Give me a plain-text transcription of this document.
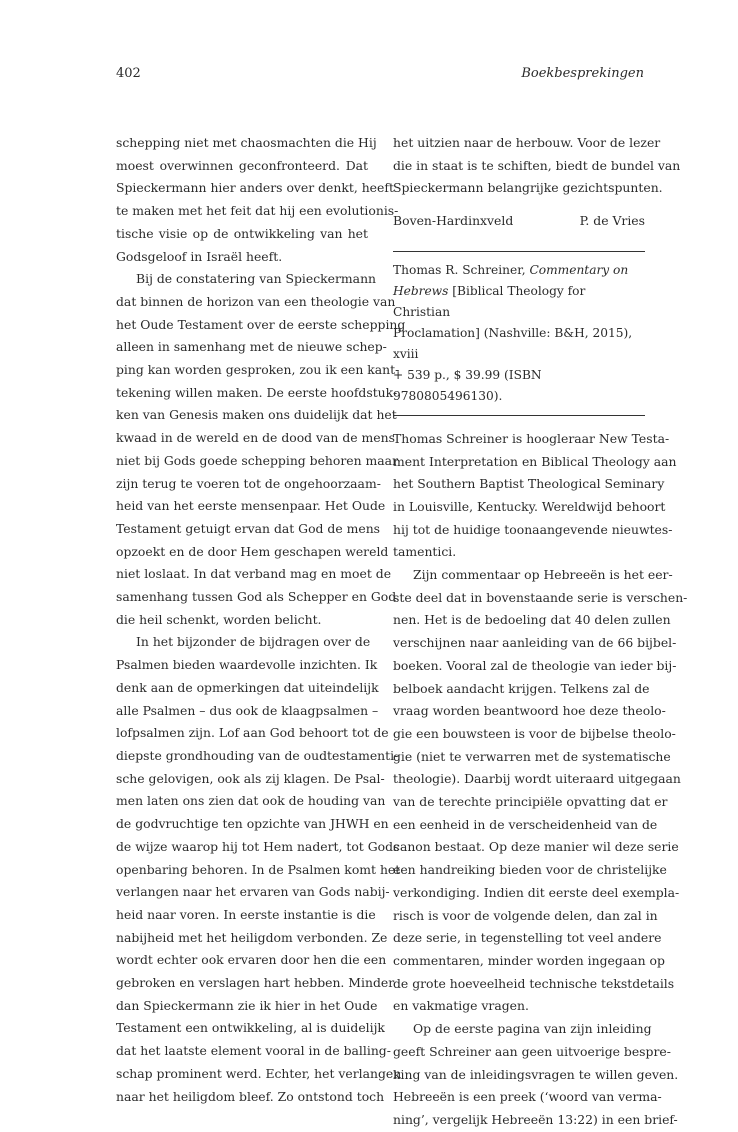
402	Boekbesprekingen
schepping niet met chaosmachten die Hij
moest overwinnen geconfronteerd. Dat
Spieckermann hier anders over denkt, heeft
te maken met het feit dat hij een evolutionis-
tische visie op de ontwikkeling van het
Godsgeloof in Israël heeft.
Bij de constatering van Spieckermann
dat binnen de horizon van een theologie van
het Oude Testament over de eerste schepping
alleen in samenhang met de nieuwe schep-
ping kan worden gesproken, zou ik een kant-
tekening willen maken. De eerste hoofdstuk-
ken van Genesis maken ons duidelijk dat het
kwaad in de wereld en de dood van de mens
niet bij Gods goede schepping behoren maar
zijn terug te voeren tot de ongehoorzaam-
heid van het eerste mensenpaar. Het Oude
Testament getuigt ervan dat God de mens
opzoekt en de door Hem geschapen wereld
niet loslaat. In dat verband mag en moet de
samenhang tussen God als Schepper en God
die heil schenkt, worden belicht.
In het bijzonder de bijdragen over de
Psalmen bieden waardevolle inzichten. Ik
denk aan de opmerkingen dat uiteindelijk
alle Psalmen – dus ook de klaagpsalmen –
lofpsalmen zijn. Lof aan God behoort tot de
diepste grondhouding van de oudtestamenti-
sche gelovigen, ook als zij klagen. De Psal-
men laten ons zien dat ook de houding van
de godvruchtige ten opzichte van JHWH en
de wijze waarop hij tot Hem nadert, tot Gods
openbaring behoren. In de Psalmen komt het
verlangen naar het ervaren van Gods nabij-
heid naar voren. In eerste instantie is die
nabijheid met het heiligdom verbonden. Ze
wordt echter ook ervaren door hen die een
gebroken en verslagen hart hebben. Minder
dan Spieckermann zie ik hier in het Oude
Testament een ontwikkeling, al is duidelijk
dat het laatste element vooral in de balling-
schap prominent werd. Echter, het verlangen
naar het heiligdom bleef. Zo ontstond toch
het uitzien naar de herbouw. Voor de lezer
die in staat is te schiften, biedt de bundel van
Spieckermann belangrijke gezichtspunten.
Boven-Hardinxveld	P. de Vries
Thomas R. Schreiner, Commentary on
Hebrews [Biblical Theology for Christian
Proclamation] (Nashville: B&H, 2015), xviii
+ 539 p., $ 39.99 (ISBN 9780805496130).
Thomas Schreiner is hoogleraar New Testa-
ment Interpretation en Biblical Theology aan
het Southern Baptist Theological Seminary
in Louisville, Kentucky. Wereldwijd behoort
hij tot de huidige toonaangevende nieuwtes-
tamentici.
Zijn commentaar op Hebreeën is het eer-
ste deel dat in bovenstaande serie is verschen-
nen. Het is de bedoeling dat 40 delen zullen
verschijnen naar aanleiding van de 66 bijbel-
boeken. Vooral zal de theologie van ieder bij-
belboek aandacht krijgen. Telkens zal de
vraag worden beantwoord hoe deze theolo-
gie een bouwsteen is voor de bijbelse theolo-
gie (niet te verwarren met de systematische
theologie). Daarbij wordt uiteraard uitgegaan
van de terechte principiële opvatting dat er
een eenheid in de verscheidenheid van de
canon bestaat. Op deze manier wil deze serie
een handreiking bieden voor de christelijke
verkondiging. Indien dit eerste deel exempla-
risch is voor de volgende delen, dan zal in
deze serie, in tegenstelling tot veel andere
commentaren, minder worden ingegaan op
de grote hoeveelheid technische tekstdetails
en vakmatige vragen.
Op de eerste pagina van zijn inleiding
geeft Schreiner aan geen uitvoerige bespre-
king van de inleidingsvragen te willen geven.
Hebreeën is een preek (‘woord van verma-
ning’, vergelijk Hebreeën 13:22) in een brief-
